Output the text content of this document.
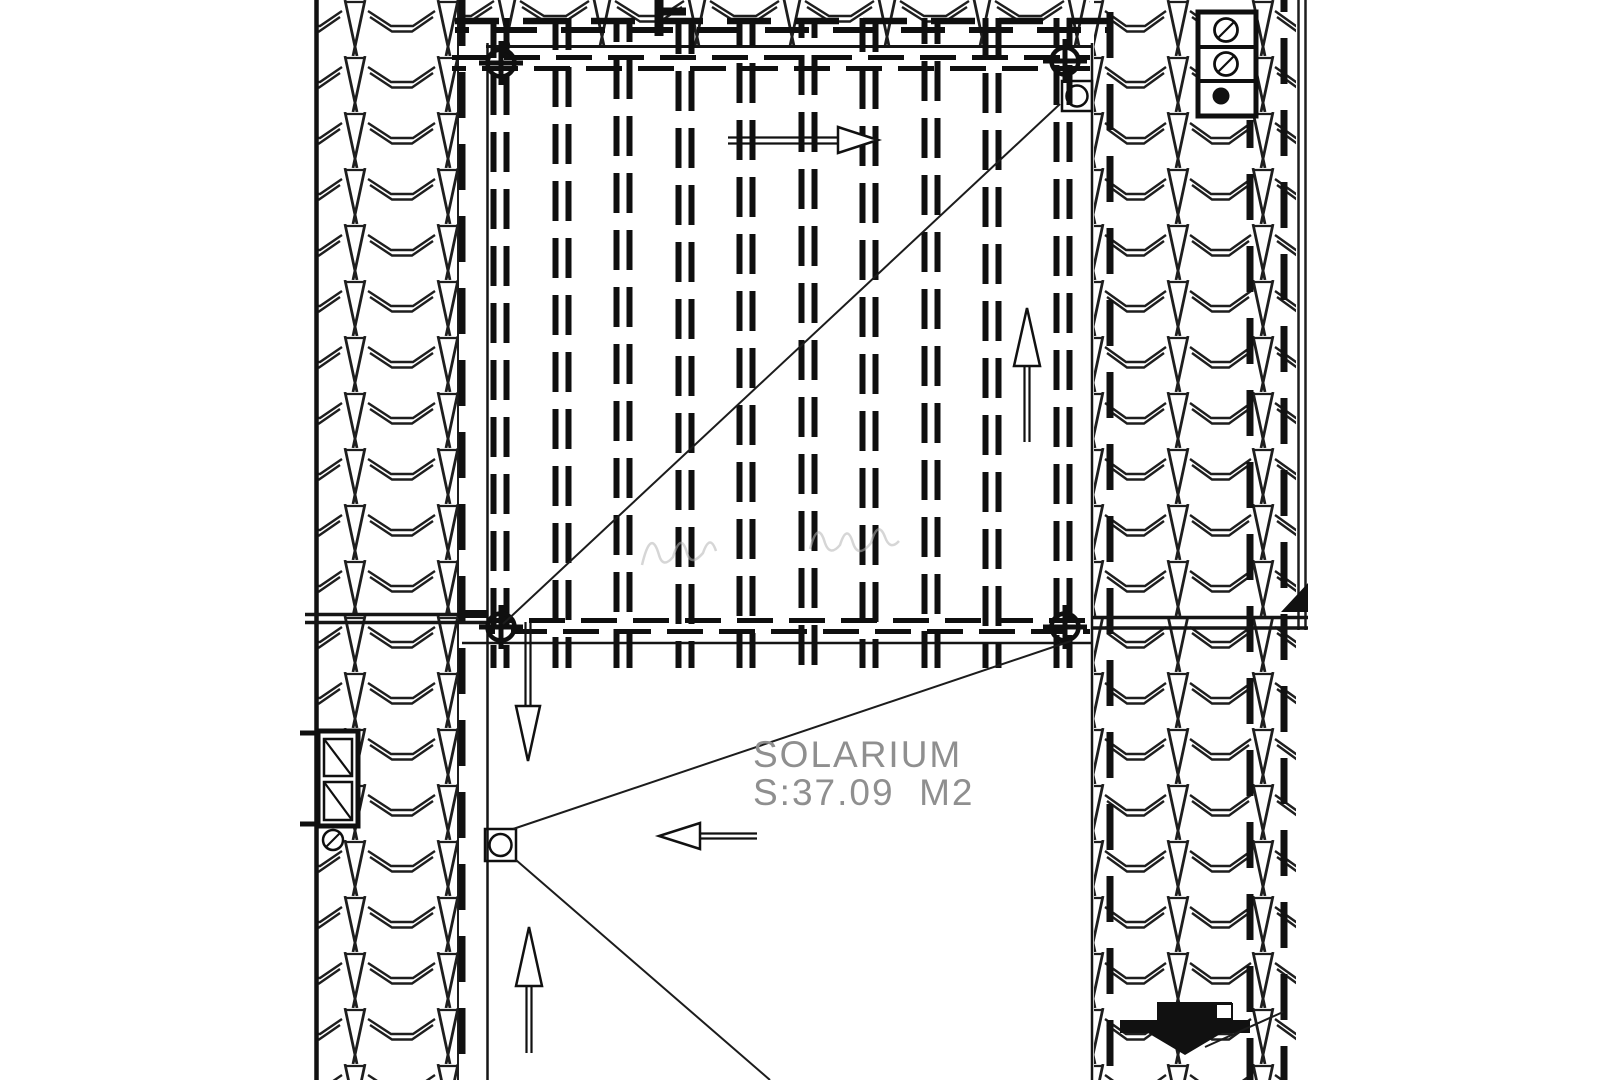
SOLARIUM
S:37.09  M2
